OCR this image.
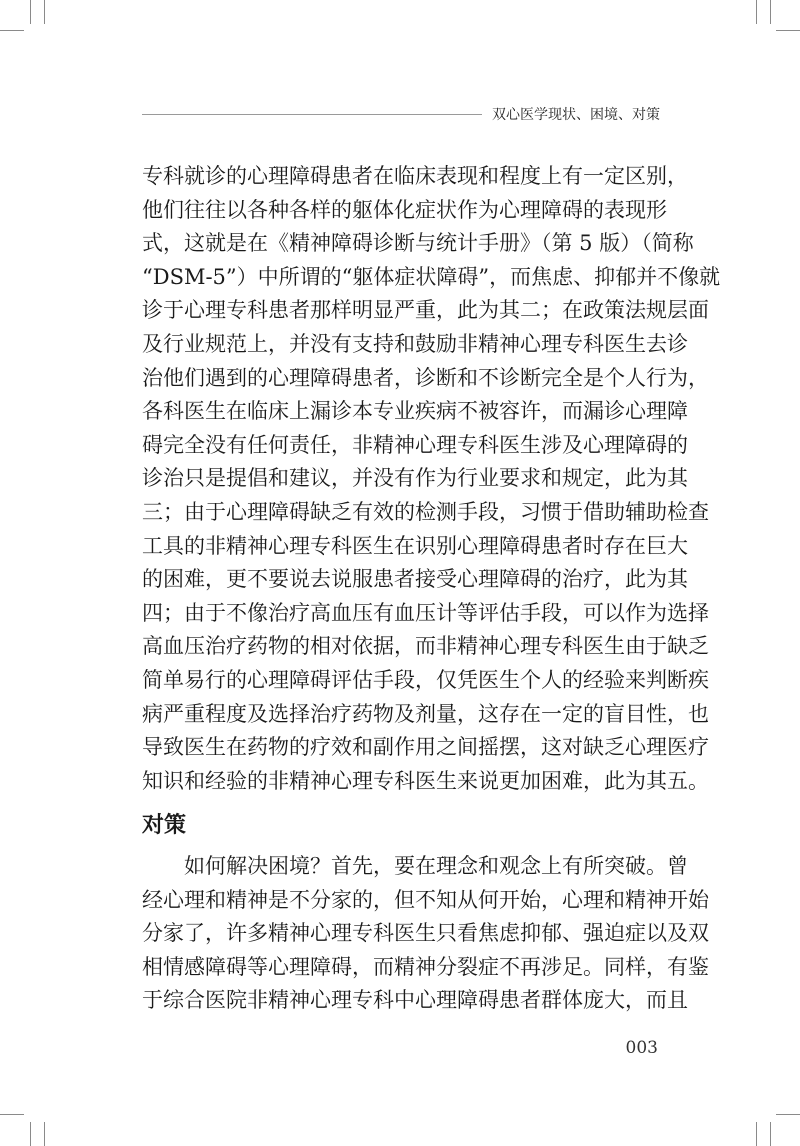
双心医学现状、困境、对策
专科就诊的心理障碍患者在临床表现和程度上有一定区别，
他们往往以各种各样的躯体化症状作为心理障碍的表现形
式，这就是在《精神障碍诊断与统计手册》（第 5 版）（简称
“DSM-5”）中所谓的“躯体症状障碍”，而焦虑、抑郁并不像就
诊于心理专科患者那样明显严重，此为其二；在政策法规层面
及行业规范上，并没有支持和鼓励非精神心理专科医生去诊
治他们遇到的心理障碍患者，诊断和不诊断完全是个人行为，
各科医生在临床上漏诊本专业疾病不被容许，而漏诊心理障
碍完全没有任何责任，非精神心理专科医生涉及心理障碍的
诊治只是提倡和建议，并没有作为行业要求和规定，此为其
三；由于心理障碍缺乏有效的检测手段，习惯于借助辅助检查
工具的非精神心理专科医生在识别心理障碍患者时存在巨大
的困难，更不要说去说服患者接受心理障碍的治疗，此为其
四；由于不像治疗高血压有血压计等评估手段，可以作为选择
高血压治疗药物的相对依据，而非精神心理专科医生由于缺乏
简单易行的心理障碍评估手段，仅凭医生个人的经验来判断疾
病严重程度及选择治疗药物及剂量，这存在一定的盲目性，也
导致医生在药物的疗效和副作用之间摇摆，这对缺乏心理医疗
知识和经验的非精神心理专科医生来说更加困难，此为其五。
对策
　　如何解决困境？首先，要在理念和观念上有所突破。曾
经心理和精神是不分家的，但不知从何开始，心理和精神开始
分家了，许多精神心理专科医生只看焦虑抑郁、强迫症以及双
相情感障碍等心理障碍，而精神分裂症不再涉足。同样，有鉴
于综合医院非精神心理专科中心理障碍患者群体庞大，而且
003
